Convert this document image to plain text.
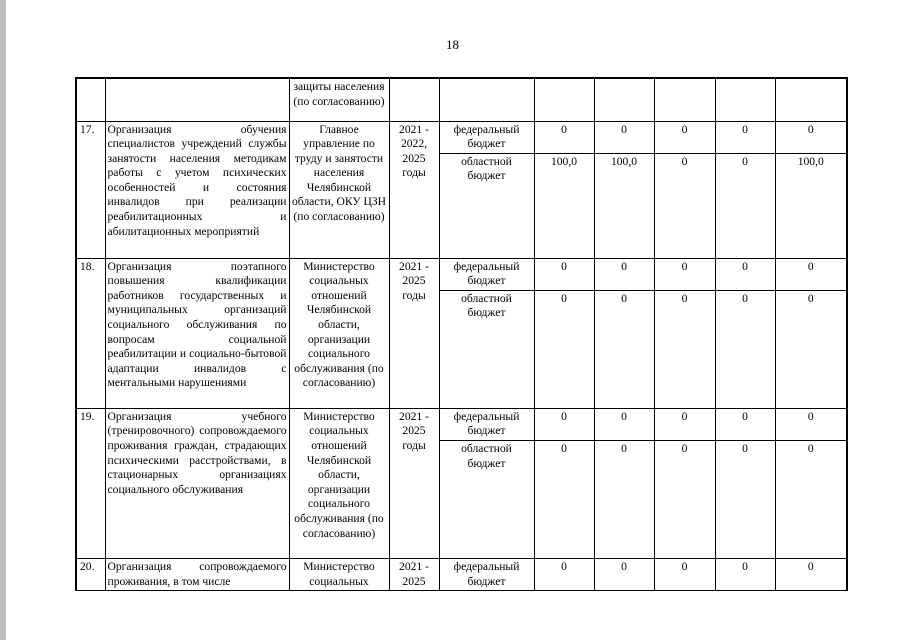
18
		защиты населения (по согласованию)							
17.	Организация обучения специалистов учреждений службы занятости населения методикам работы с учетом психических особенностей и состояния инвалидов при реализации реабилитационных и абилитационных мероприятий	Главное управление по труду и занятости населения Челябинской области, ОКУ ЦЗН (по согласованию)	2021 - 2022, 2025 годы	федеральный бюджет	0	0	0	0	0
				областной бюджет	100,0	100,0	0	0	100,0
18.	Организация поэтапного повышения квалификации работников государственных и муниципальных организаций социального обслуживания по вопросам социальной реабилитации и социально-бытовой адаптации инвалидов с ментальными нарушениями	Министерство социальных отношений Челябинской области, организации социального обслуживания (по согласованию)	2021 - 2025 годы	федеральный бюджет	0	0	0	0	0
				областной бюджет	0	0	0	0	0
19.	Организация учебного (тренировочного) сопровождаемого проживания граждан, страдающих психическими расстройствами, в стационарных организациях социального обслуживания	Министерство социальных отношений Челябинской области, организации социального обслуживания (по согласованию)	2021 - 2025 годы	федеральный бюджет	0	0	0	0	0
				областной бюджет	0	0	0	0	0
20.	Организация сопровождаемого проживания, в том числе	Министерство социальных	2021 - 2025	федеральный бюджет	0	0	0	0	0
